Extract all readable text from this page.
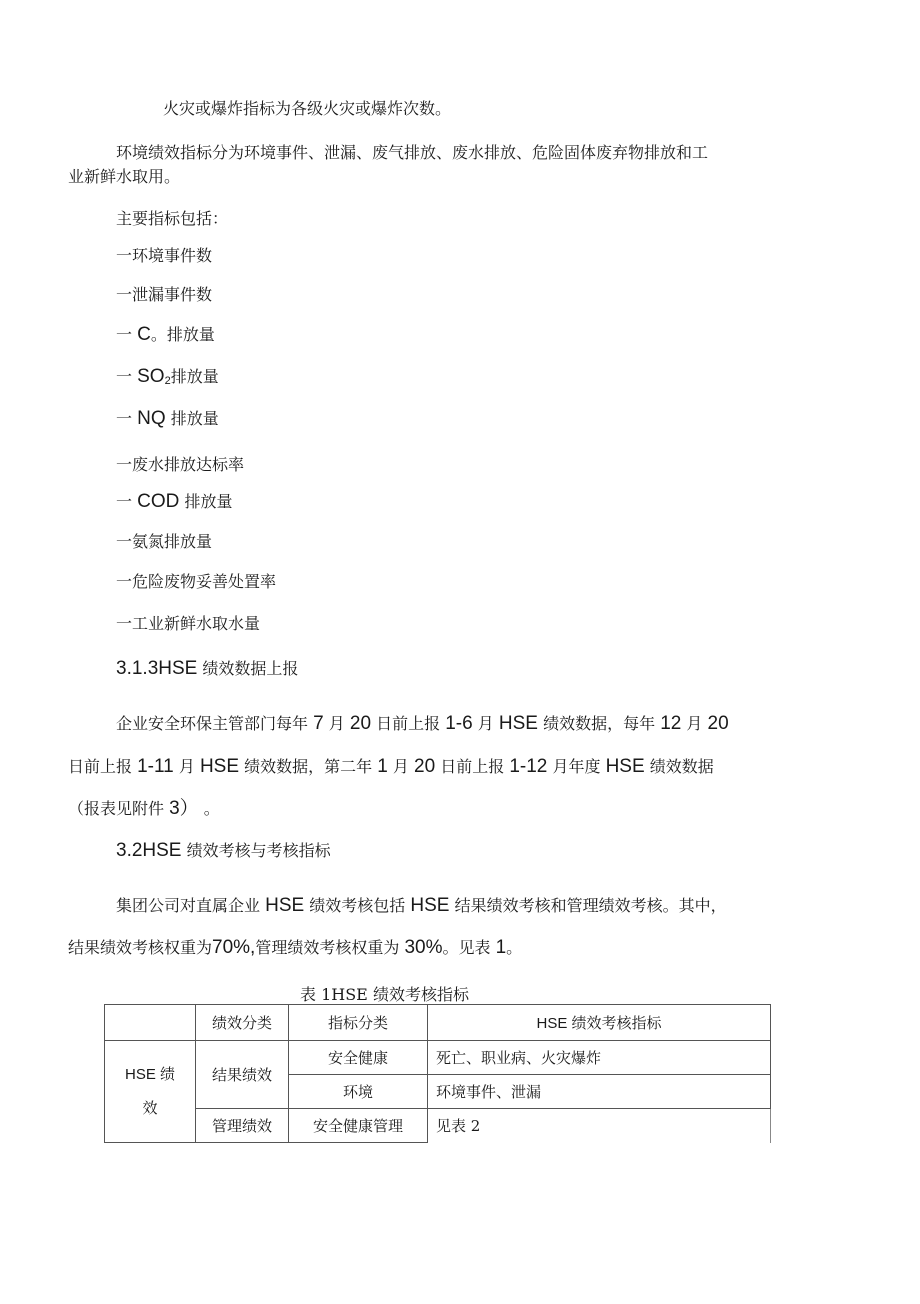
火灾或爆炸指标为各级火灾或爆炸次数。
环境绩效指标分为环境事件、泄漏、废气排放、废水排放、危险固体废弃物排放和工
业新鲜水取用。
主要指标包括：
一环境事件数
一泄漏事件数
一 C。排放量
一 $SO_2$排放量
一 NQ 排放量
一废水排放达标率
一 COD 排放量
一氨氮排放量
一危险废物妥善处置率
一工业新鲜水取水量
3.1.3HSE 绩效数据上报
企业安全环保主管部门每年 7 月 20 日前上报 1-6 月 HSE 绩效数据，每年 12 月 20
日前上报 1-11 月 HSE 绩效数据，第二年 1 月 20 日前上报 1-12 月年度 HSE 绩效数据
（报表见附件 3） 。
3.2HSE 绩效考核与考核指标
集团公司对直属企业 HSE 绩效考核包括 HSE 结果绩效考核和管理绩效考核。其中，
结果绩效考核权重为70%,管理绩效考核权重为 30%。见表 1。
表 1HSE 绩效考核指标
	绩效分类	指标分类	HSE 绩效考核指标

HSE 绩效	结果绩效	安全健康	死亡、职业病、火灾爆炸
		环境	环境事件、泄漏
	管理绩效	安全健康管理	见表 2
